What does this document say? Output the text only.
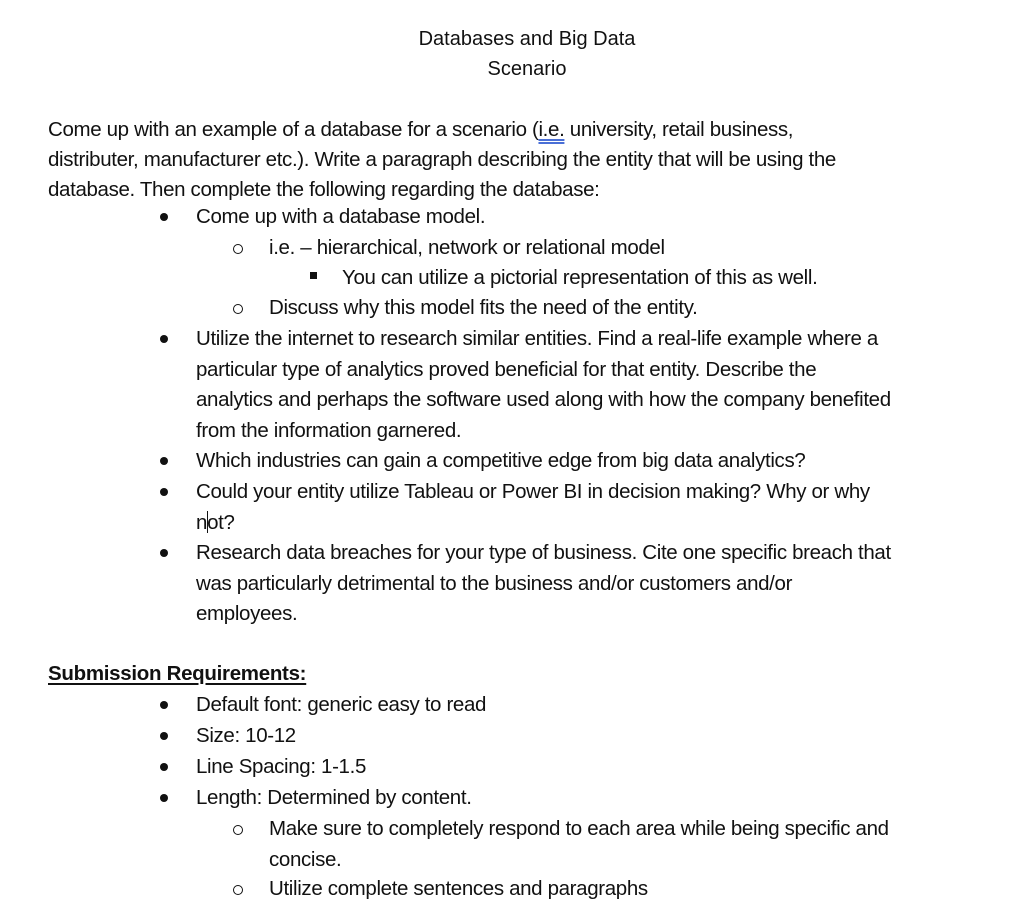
Databases and Big Data
Scenario
Come up with an example of a database for a scenario (i.e. university, retail business,
distributer, manufacturer etc.). Write a paragraph describing the entity that will be using the
database. Then complete the following regarding the database:
Come up with a database model.
i.e. – hierarchical, network or relational model
You can utilize a pictorial representation of this as well.
Discuss why this model fits the need of the entity.
Utilize the internet to research similar entities. Find a real-life example where a
particular type of analytics proved beneficial for that entity. Describe the
analytics and perhaps the software used along with how the company benefited
from the information garnered.
Which industries can gain a competitive edge from big data analytics?
Could your entity utilize Tableau or Power BI in decision making? Why or why
not?
Research data breaches for your type of business. Cite one specific breach that
was particularly detrimental to the business and/or customers and/or
employees.
Submission Requirements:
Default font: generic easy to read
Size: 10-12
Line Spacing: 1-1.5
Length: Determined by content.
Make sure to completely respond to each area while being specific and
concise.
Utilize complete sentences and paragraphs
